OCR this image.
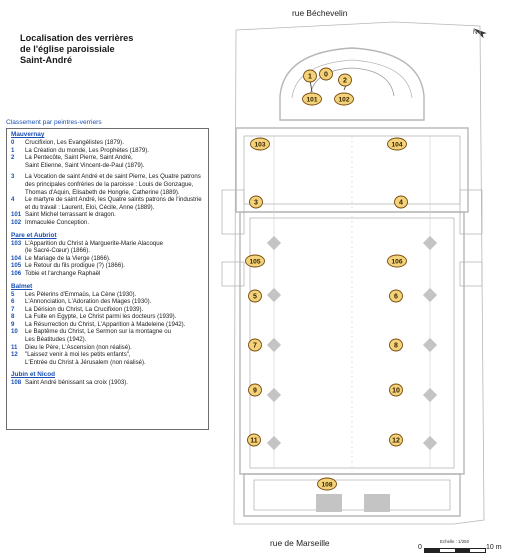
Localisation des verrières
de l'église paroissiale
Saint-André
Classement par peintres-verriers
Mauvernay
0	Crucifixion, Les Evangélistes (1879).
1	La Création du monde, Les Prophètes (1879).
2	La Pentecôte, Saint Pierre, Saint André,
Saint Etienne, Saint Vincent-de-Paul (1879).
3	La Vocation de saint André et de saint Pierre, Les Quatre patrons des principales confréries de la paroisse : Louis de Gonzague, Thomas d'Aquin, Elisabeth de Hongrie, Catherine (1889).
4	Le martyre de saint André, les Quatre saints patrons de l'industrie et du travail : Laurent, Eloi, Cécile, Anne (1889).
101 Saint Michel terrassant le dragon.
102 Immaculée Conception.
Pare et Aubriot
103 L'Apparition du Christ à Marguerite-Marie Alacoque
(le Sacré-Cœur) (1866).
104 Le Mariage de la Vierge (1866).
105 Le Retour du fils prodigue (?) (1866).
106 Tobie et l'archange Raphaël
Balmet
5	Les Pèlerins d'Emmaüs, La Cène (1930).
6	L'Annonciation, L'Adoration des Mages (1930).
7	La Dérision du Christ, La Crucifixion (1939).
8	La Fuite en Egypte, Le Christ parmi les docteurs (1939).
9	La Résurrection du Christ, L'Apparition à Madeleine (1942).
10	Le Baptême du Christ, Le Sermon sur la montagne ou
Les Béatitudes (1942).
11	Dieu le Père, L'Ascension (non réalisé).
12	"Laissez venir à moi les petits enfants",
L'Entrée du Christ à Jérusalem (non réalisé).
Jubin et Nicod
108 Saint André bénissant sa croix (1903).
rue Béchevelin
rue de Marseille
N
0
1
2
101	102
103	104
3	4
105	106
5	6
7	8
9	10
11	12
108
0
Echelle : 1/250
10 m
